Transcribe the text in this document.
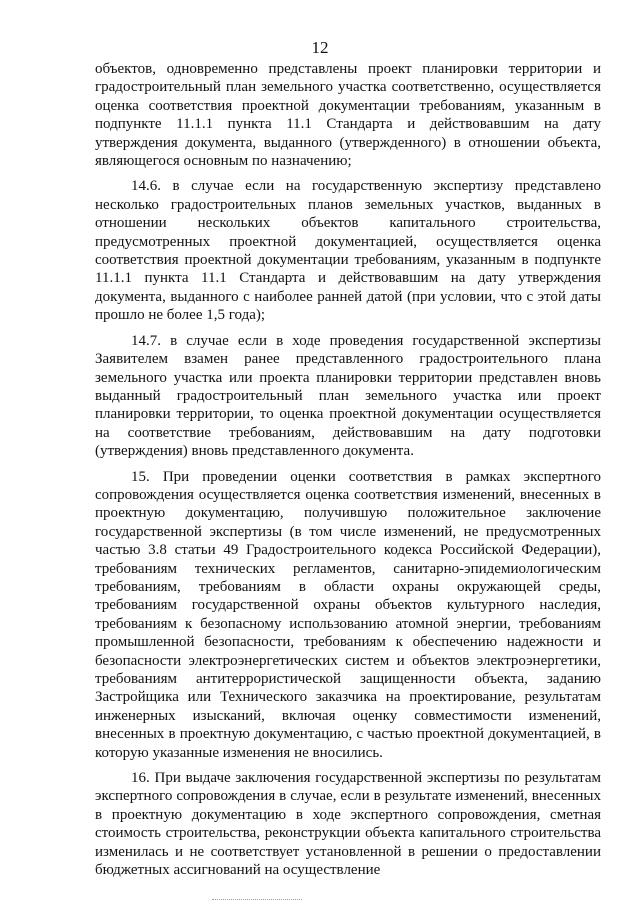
12

объектов, одновременно представлены проект планировки территории и градостроительный план земельного участка соответственно, осуществляется оценка соответствия проектной документации требованиям, указанным в подпункте 11.1.1 пункта 11.1 Стандарта и действовавшим на дату утверждения документа, выданного (утвержденного) в отношении объекта, являющегося основным по назначению;

14.6. в случае если на государственную экспертизу представлено несколько градостроительных планов земельных участков, выданных в отношении нескольких объектов капитального строительства, предусмотренных проектной документацией, осуществляется оценка соответствия проектной документации требованиям, указанным в подпункте 11.1.1 пункта 11.1 Стандарта и действовавшим на дату утверждения документа, выданного с наиболее ранней датой (при условии, что с этой даты прошло не более 1,5 года);

14.7. в случае если в ходе проведения государственной экспертизы Заявителем взамен ранее представленного градостроительного плана земельного участка или проекта планировки территории представлен вновь выданный градостроительный план земельного участка или проект планировки территории, то оценка проектной документации осуществляется на соответствие требованиям, действовавшим на дату подготовки (утверждения) вновь представленного документа.

15. При проведении оценки соответствия в рамках экспертного сопровождения осуществляется оценка соответствия изменений, внесенных в проектную документацию, получившую положительное заключение государственной экспертизы (в том числе изменений, не предусмотренных частью 3.8 статьи 49 Градостроительного кодекса Российской Федерации), требованиям технических регламентов, санитарно-эпидемиологическим требованиям, требованиям в области охраны окружающей среды, требованиям государственной охраны объектов культурного наследия, требованиям к безопасному использованию атомной энергии, требованиям промышленной безопасности, требованиям к обеспечению надежности и безопасности электроэнергетических систем и объектов электроэнергетики, требованиям антитеррористической защищенности объекта, заданию Застройщика или Технического заказчика на проектирование, результатам инженерных изысканий, включая оценку совместимости изменений, внесенных в проектную документацию, с частью проектной документацией, в которую указанные изменения не вносились.

16. При выдаче заключения государственной экспертизы по результатам экспертного сопровождения в случае, если в результате изменений, внесенных в проектную документацию в ходе экспертного сопровождения, сметная стоимость строительства, реконструкции объекта капитального строительства изменилась и не соответствует установленной в решении о предоставлении бюджетных ассигнований на осуществление
